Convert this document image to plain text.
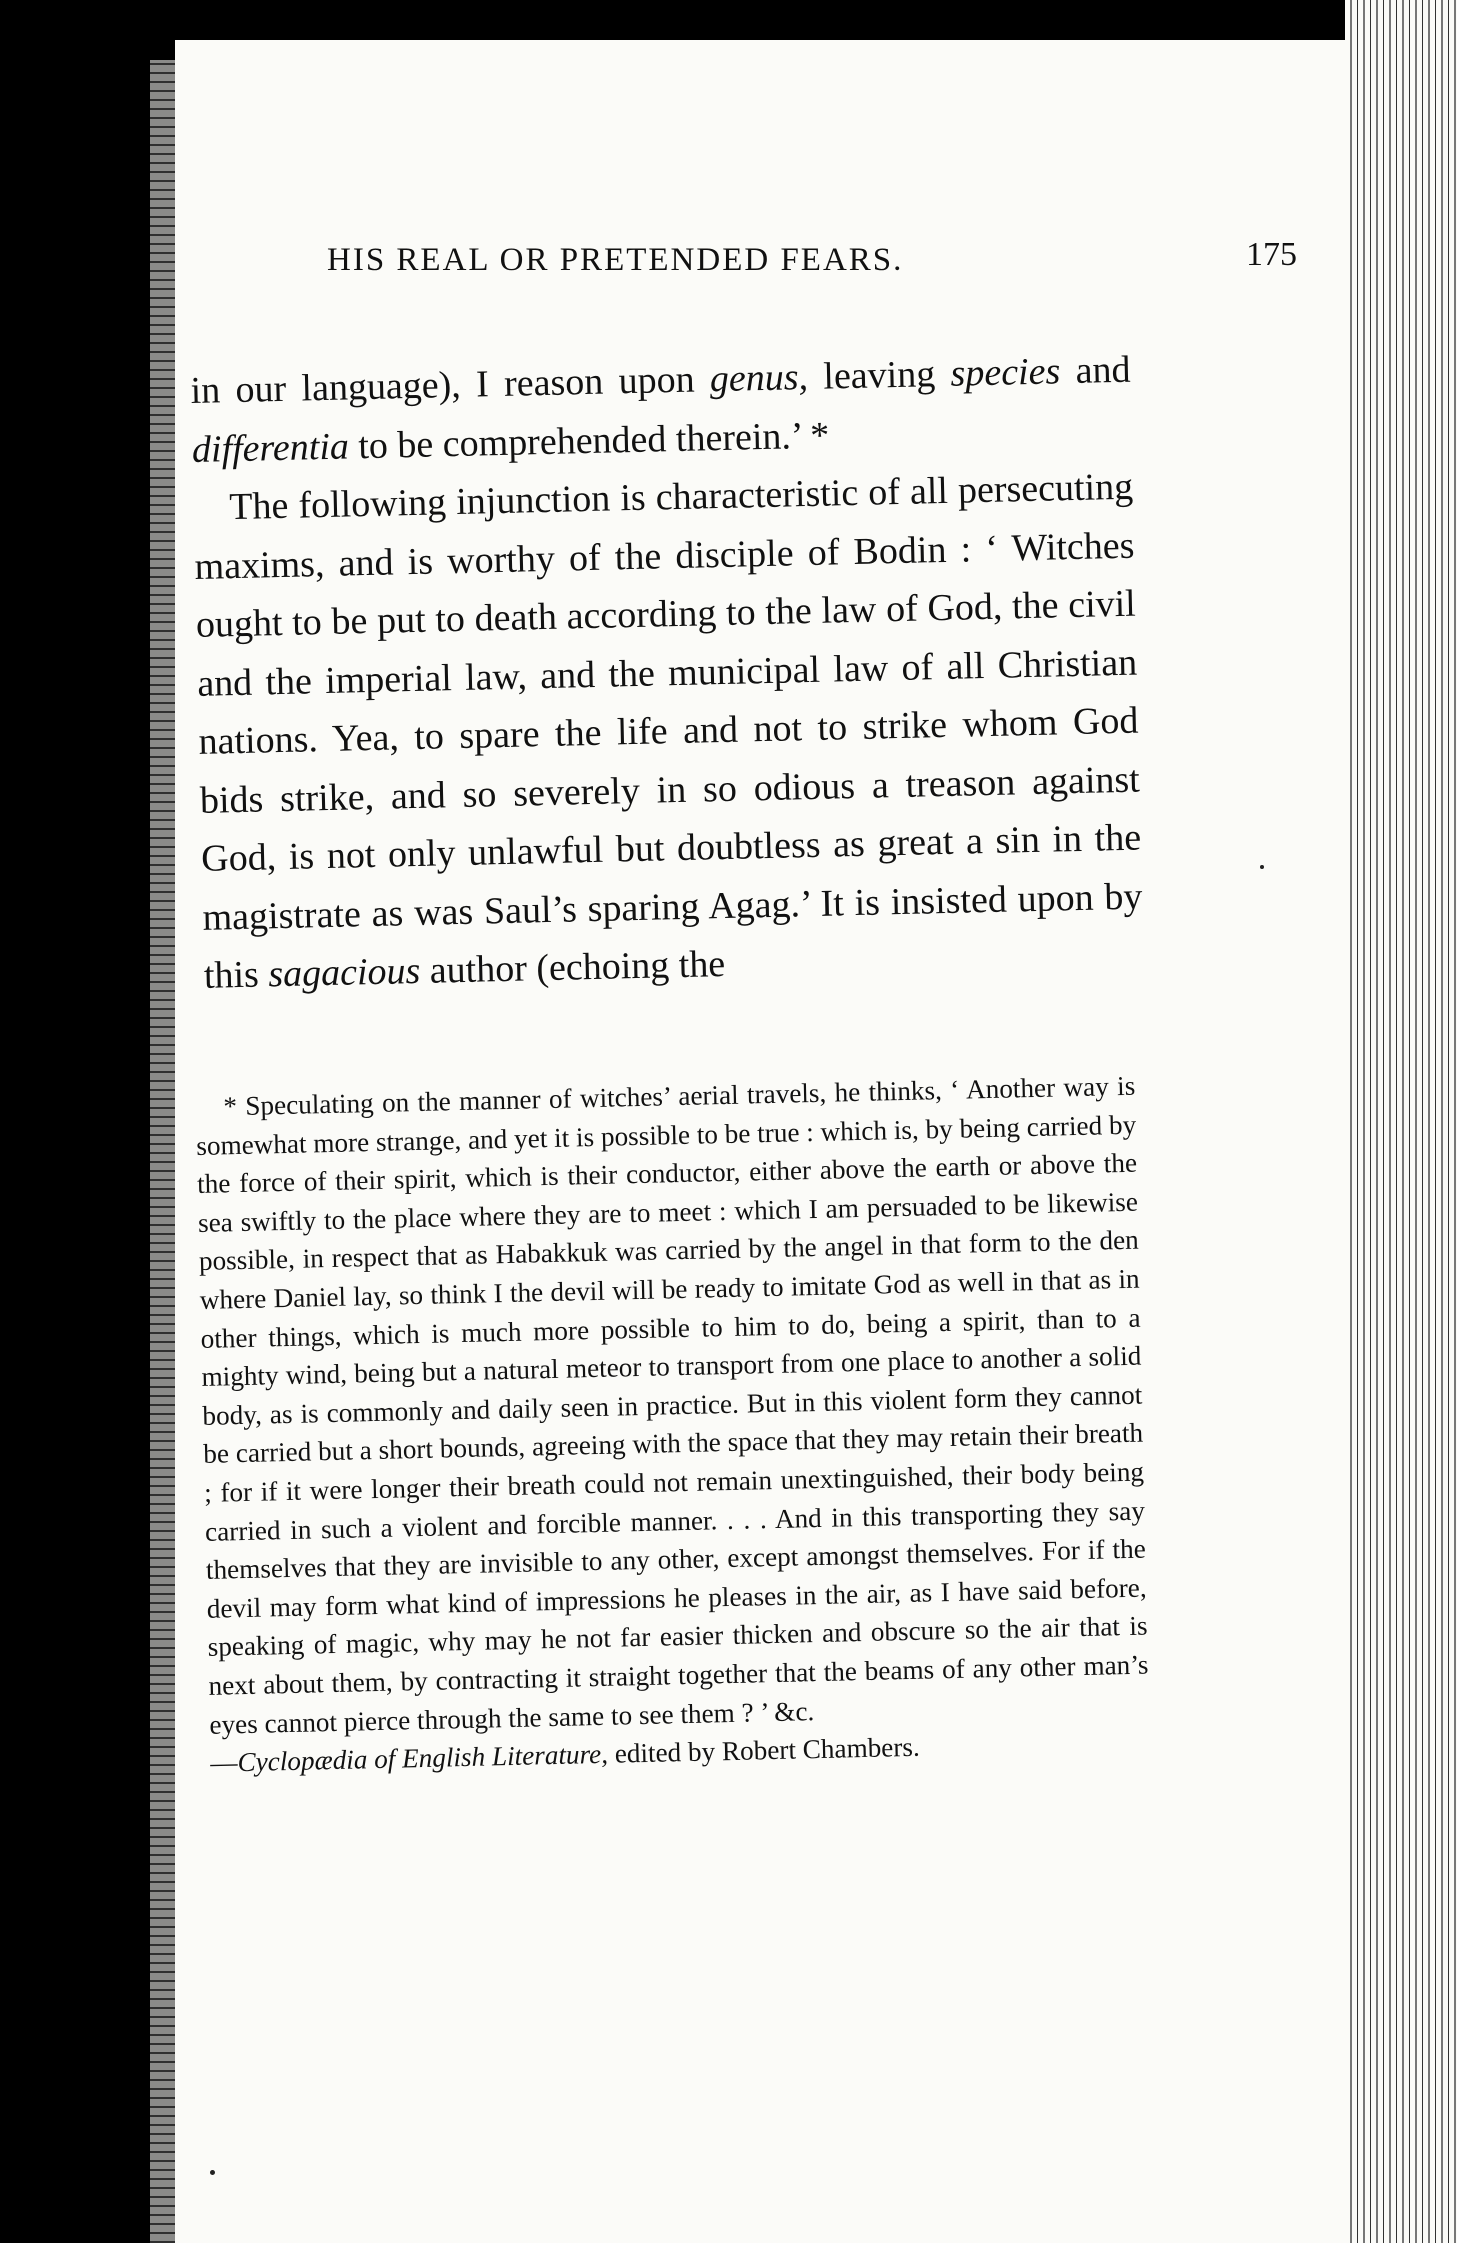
HIS REAL OR PRETENDED FEARS.	175

in our language), I reason upon genus, leaving species and differentia to be comprehended therein.’ *

The following injunction is characteristic of all persecuting maxims, and is worthy of the disciple of Bodin : ‘ Witches ought to be put to death according to the law of God, the civil and the imperial law, and the municipal law of all Christian nations. Yea, to spare the life and not to strike whom God bids strike, and so severely in so odious a treason against God, is not only unlawful but doubtless as great a sin in the magistrate as was Saul’s sparing Agag.’ It is insisted upon by this sagacious author (echoing the

* Speculating on the manner of witches’ aerial travels, he thinks, ‘ Another way is somewhat more strange, and yet it is possible to be true : which is, by being carried by the force of their spirit, which is their conductor, either above the earth or above the sea swiftly to the place where they are to meet : which I am persuaded to be likewise possible, in respect that as Habakkuk was carried by the angel in that form to the den where Daniel lay, so think I the devil will be ready to imitate God as well in that as in other things, which is much more possible to him to do, being a spirit, than to a mighty wind, being but a natural meteor to transport from one place to another a solid body, as is commonly and daily seen in practice. But in this violent form they cannot be carried but a short bounds, agreeing with the space that they may retain their breath ; for if it were longer their breath could not remain unextinguished, their body being carried in such a violent and forcible manner. . . . And in this transporting they say themselves that they are invisible to any other, except amongst themselves. For if the devil may form what kind of impressions he pleases in the air, as I have said before, speaking of magic, why may he not far easier thicken and obscure so the air that is next about them, by contracting it straight together that the beams of any other man’s eyes cannot pierce through the same to see them ? ’ &c.

—Cyclopædia of English Literature, edited by Robert Chambers.
